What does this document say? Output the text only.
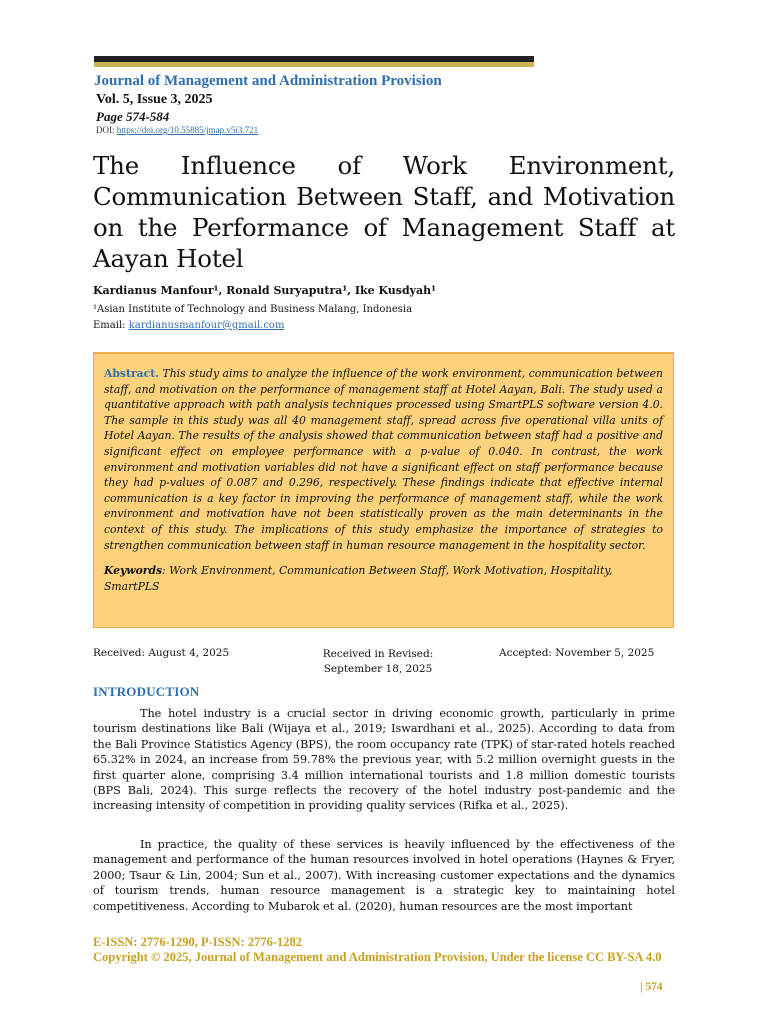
Journal of Management and Administration Provision
Vol. 5, Issue 3, 2025
Page 574-584
DOI: https://doi.org/10.55885/jmap.v5i3.721
The Influence of Work Environment, Communication Between Staff, and Motivation on the Performance of Management Staff at Aayan Hotel
Kardianus Manfour¹, Ronald Suryaputra¹, Ike Kusdyah¹
¹Asian Institute of Technology and Business Malang, Indonesia
Email: kardianusmanfour@gmail.com
Abstract. This study aims to analyze the influence of the work environment, communication between staff, and motivation on the performance of management staff at Hotel Aayan, Bali. The study used a quantitative approach with path analysis techniques processed using SmartPLS software version 4.0. The sample in this study was all 40 management staff, spread across five operational villa units of Hotel Aayan. The results of the analysis showed that communication between staff had a positive and significant effect on employee performance with a p-value of 0.040. In contrast, the work environment and motivation variables did not have a significant effect on staff performance because they had p-values of 0.087 and 0.296, respectively. These findings indicate that effective internal communication is a key factor in improving the performance of management staff, while the work environment and motivation have not been statistically proven as the main determinants in the context of this study. The implications of this study emphasize the importance of strategies to strengthen communication between staff in human resource management in the hospitality sector.
Keywords: Work Environment, Communication Between Staff, Work Motivation, Hospitality, SmartPLS
Received: August 4, 2025	Received in Revised: September 18, 2025
Accepted: November 5, 2025
INTRODUCTION
The hotel industry is a crucial sector in driving economic growth, particularly in prime tourism destinations like Bali (Wijaya et al., 2019; Iswardhani et al., 2025). According to data from the Bali Province Statistics Agency (BPS), the room occupancy rate (TPK) of star-rated hotels reached 65.32% in 2024, an increase from 59.78% the previous year, with 5.2 million overnight guests in the first quarter alone, comprising 3.4 million international tourists and 1.8 million domestic tourists (BPS Bali, 2024). This surge reflects the recovery of the hotel industry post-pandemic and the increasing intensity of competition in providing quality services (Rifka et al., 2025).
In practice, the quality of these services is heavily influenced by the effectiveness of the management and performance of the human resources involved in hotel operations (Haynes & Fryer, 2000; Tsaur & Lin, 2004; Sun et al., 2007). With increasing customer expectations and the dynamics of tourism trends, human resource management is a strategic key to maintaining hotel competitiveness. According to Mubarok et al. (2020), human resources are the most important
E-ISSN: 2776-1290, P-ISSN: 2776-1282
Copyright © 2025, Journal of Management and Administration Provision, Under the license CC BY-SA 4.0
| 574
